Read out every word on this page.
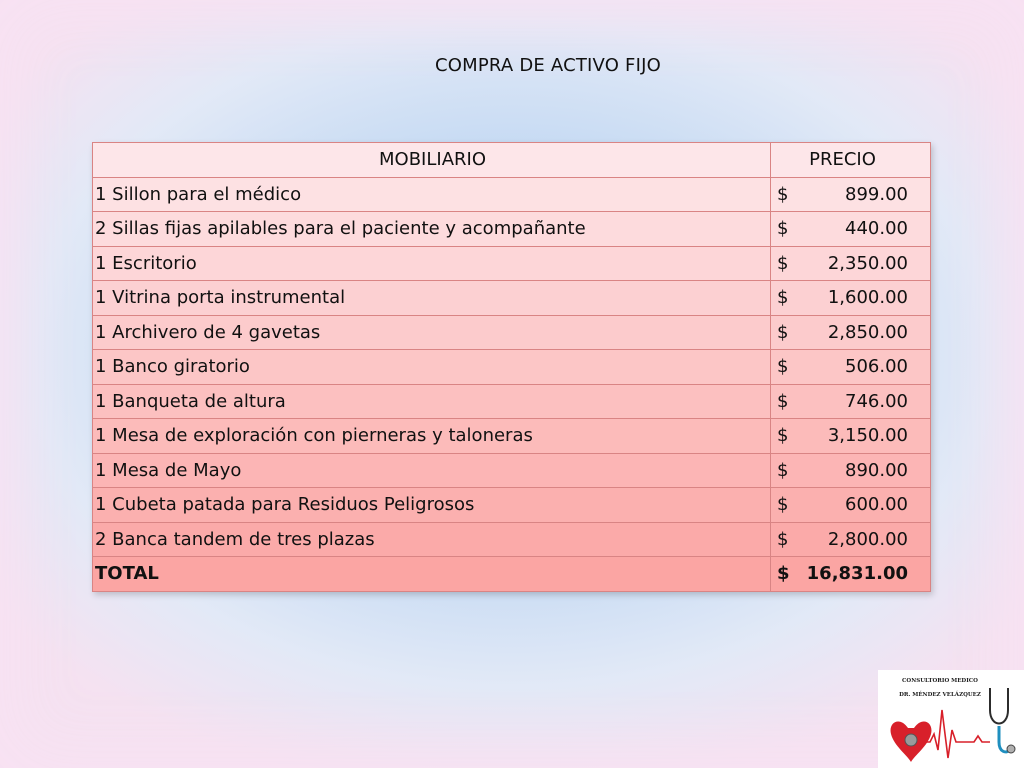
COMPRA DE ACTIVO FIJO
MOBILIARIO	PRECIO
1 Sillon para el médico	$ 899.00

2 Sillas fijas apilables para el paciente y acompañante	$ 440.00

1 Escritorio	$ 2,350.00

1 Vitrina porta instrumental	$ 1,600.00

1 Archivero de 4 gavetas	$ 2,850.00

1 Banco giratorio	$ 506.00

1 Banqueta de altura	$ 746.00

1 Mesa de exploración con pierneras y taloneras	$ 3,150.00

1 Mesa de Mayo	$ 890.00

1 Cubeta patada para Residuos Peligrosos	$ 600.00

2 Banca tandem de tres plazas	$ 2,800.00

TOTAL	$ 16,831.00
CONSULTORIO MEDICO
DR. MÉNDEZ VELÁZQUEZ
